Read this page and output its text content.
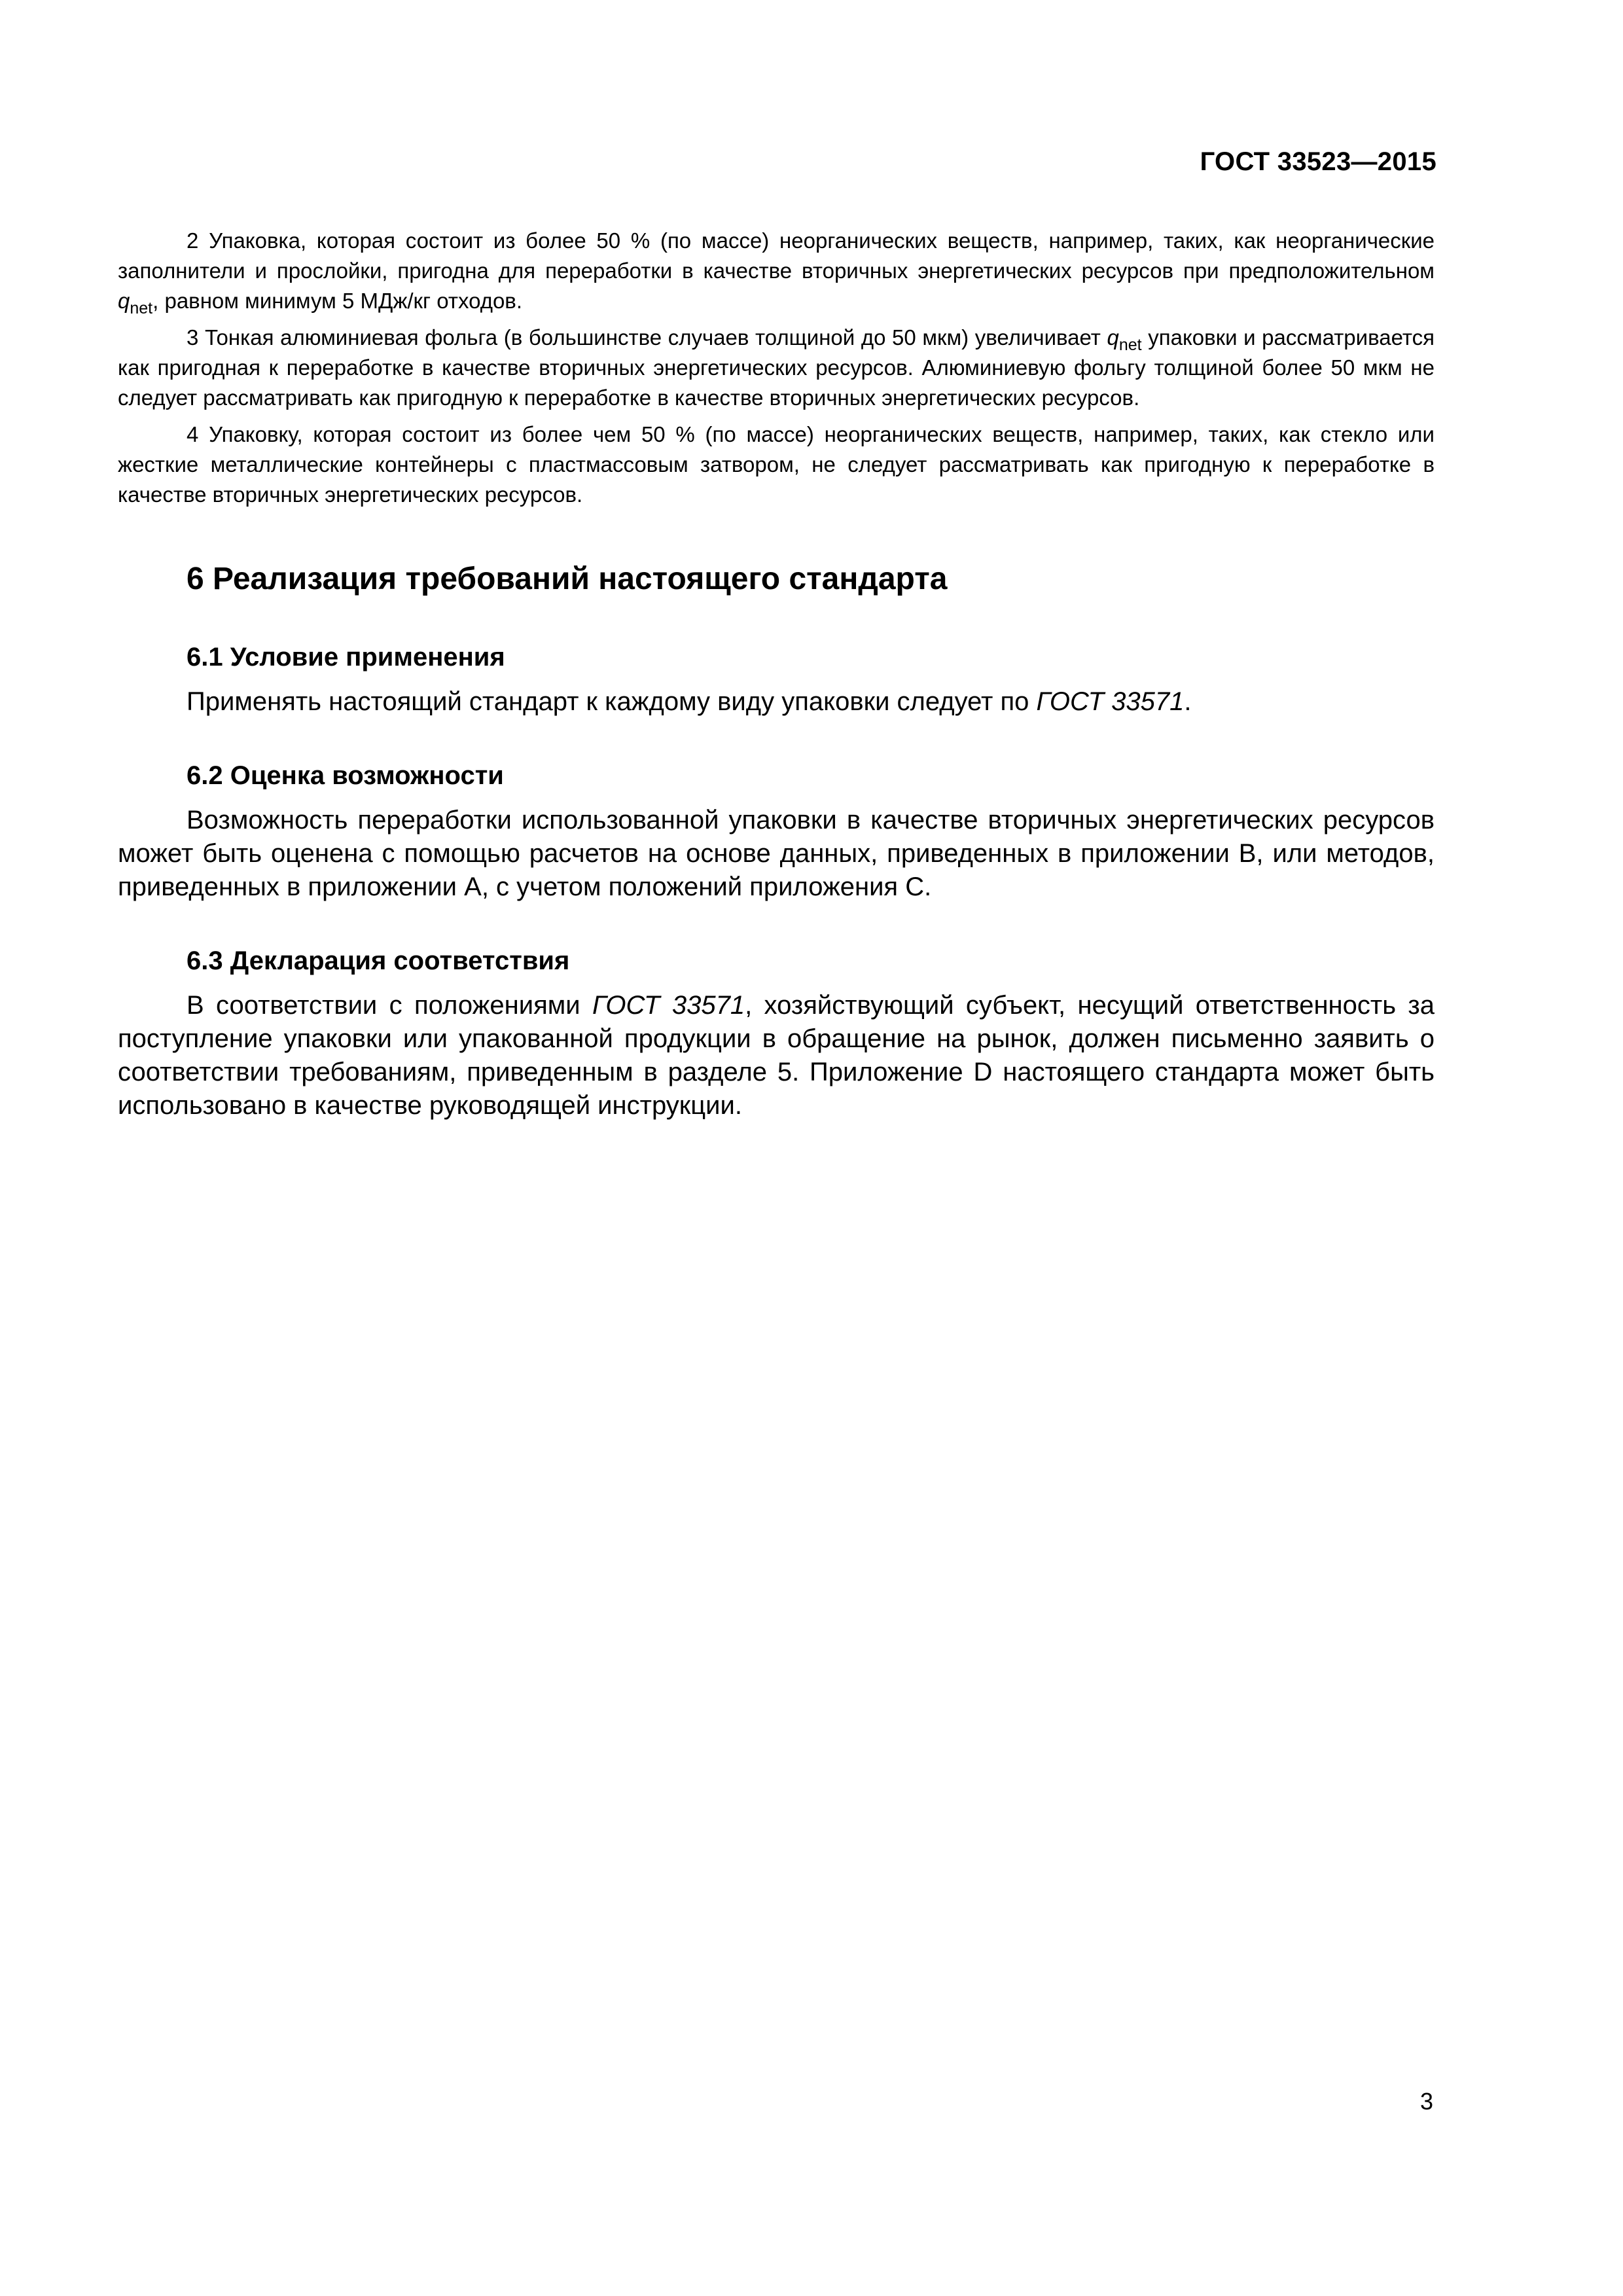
ГОСТ 33523—2015

2 Упаковка, которая состоит из более 50 % (по массе) неорганических веществ, например, таких, как неорганические заполнители и прослойки, пригодна для переработки в качестве вторичных энергетических ресурсов при предположительном $q_{net}$, равном минимум 5 МДж/кг отходов.

3 Тонкая алюминиевая фольга (в большинстве случаев толщиной до 50 мкм) увеличивает $q_{net}$ упаковки и рассматривается как пригодная к переработке в качестве вторичных энергетических ресурсов. Алюминиевую фольгу толщиной более 50 мкм не следует рассматривать как пригодную к переработке в качестве вторичных энергетических ресурсов.

4 Упаковку, которая состоит из более чем 50 % (по массе) неорганических веществ, например, таких, как стекло или жесткие металлические контейнеры с пластмассовым затвором, не следует рассматривать как пригодную к переработке в качестве вторичных энергетических ресурсов.

6 Реализация требований настоящего стандарта
6.1 Условие применения

Применять настоящий стандарт к каждому виду упаковки следует по ГОСТ 33571.

6.2 Оценка возможности

Возможность переработки использованной упаковки в качестве вторичных энергетических ресурсов может быть оценена с помощью расчетов на основе данных, приведенных в приложении В, или методов, приведенных в приложении А, с учетом положений приложения С.

6.3 Декларация соответствия

В соответствии с положениями ГОСТ 33571, хозяйствующий субъект, несущий ответственность за поступление упаковки или упакованной продукции в обращение на рынок, должен письменно заявить о соответствии требованиям, приведенным в разделе 5. Приложение D настоящего стандарта может быть использовано в качестве руководящей инструкции.

3
